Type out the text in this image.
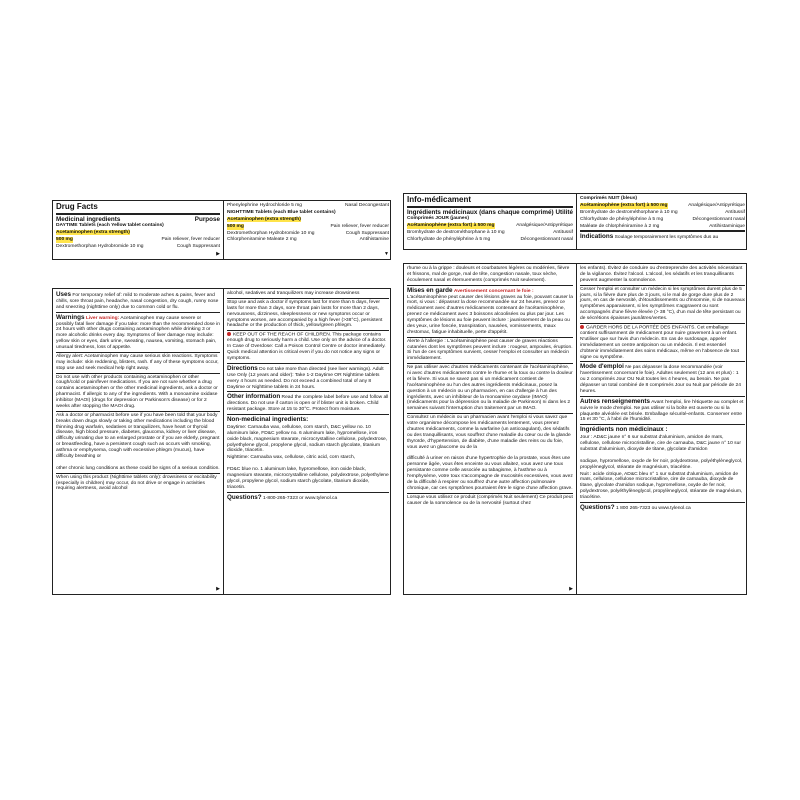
Drug Facts
Medicinal ingredients	Purpose
DAYTIME Tablets (each Yellow tablet contains)
Acetaminophen (extra strength)
500 mg	Pain reliever, fever reducer
Dextromethorphan Hydrobromide 10 mg	Cough Suppressant
▶
Phenylephrine Hydrochloride 5 mg	Nasal Decongestant
NIGHTTIME Tablets (each Blue tablet contains)
Acetaminophen (extra strength)
500 mg	Pain reliever, fever reducer
Dextromethorphan Hydrobromide 10 mg	Cough Suppressant
Chlorpheniramine Maleate 2 mg	Antihistamine
▼
Info-médicament
Ingrédients médicinaux (dans chaque comprimé) Utilité
Comprimés JOUR (jaunes)
Acétaminophène (extra fort) à 500 mg	Analgésique/Antipyrétique
Bromhydrate de dextrométhorphane à 10 mg	Antitussif
Chlorhydrate de phényléphrine à 5 mg	Décongestionnant nasal
Comprimés NUIT (bleus)
Acétaminophène (extra fort) à 500 mg	Analgésique/Antipyrétique
Bromhydrate de dextrométhorphane à 10 mg	Antitussif
Chlorhydrate de phényléphrine à 5 mg	Décongestionnant nasal
Maléate de chlorphéniramine à 2 mg	Antihistaminique
Indications Soulage temporairement les symptômes dus au
Uses For temporary relief of: mild to moderate aches & pains, fever and chills, sore throat pain, headache, nasal congestion, dry cough, runny nose and sneezing (nighttime only) due to common cold or flu.
Warnings Liver warning: Acetaminophen may cause severe or possibly fatal liver damage if you take: more than the recommended dose in 24 hours with other drugs containing acetaminophen while drinking 3 or more alcoholic drinks every day. Symptoms of liver damage may include: yellow skin or eyes, dark urine, sweating, nausea, vomiting, stomach pain, unusual tiredness, loss of appetite.
Allergy alert: Acetaminophen may cause serious skin reactions. Symptoms may include: skin reddening, blisters, rash. If any of these symptoms occur, stop use and seek medical help right away.
Do not use with other products containing acetaminophen or other cough/cold or pain/fever medications. If you are not sure whether a drug contains acetaminophen or the other medicinal ingredients, ask a doctor or pharmacist. If allergic to any of the ingredients. With a monoamine oxidase inhibitor (MAOI) (drugs for depression or Parkinson's disease) or for 2 weeks after stopping the MAOI drug.
Ask a doctor or pharmacist before use if you have been told that your body breaks down drugs slowly or taking other medications including the blood thinning drug warfarin, sedatives or tranquilizers, have heart or thyroid disease, high blood pressure, diabetes, glaucoma, kidney or liver disease, difficulty urinating due to an enlarged prostate or if you are elderly, pregnant or breastfeeding, have a persistent cough such as occurs with smoking, asthma or emphysema, cough with excessive phlegm (mucus), have difficulty breathing or
other chronic lung conditions as these could be signs of a serious condition.
When using this product (Nighttime tablets only): drowsiness or excitability (especially in children) may occur, do not drive or engage in activities requiring alertness, avoid alcohol
▶
alcohol, sedatives and tranquilizers may increase drowsiness
Stop use and ask a doctor if symptoms last for more than 5 days, fever lasts for more than 3 days, sore throat pain lasts for more than 2 days, nervousness, dizziness, sleeplessness or new symptoms occur or symptoms worsen, are accompanied by a high fever (>38°C), persistent headache or the production of thick, yellow/green phlegm.
KEEP OUT OF THE REACH OF CHILDREN. This package contains enough drug to seriously harm a child. Use only on the advice of a doctor. In Case of Overdose: Call a Poison Control Centre or doctor immediately. Quick medical attention is critical even if you do not notice any signs or symptoms.
Directions Do not take more than directed (see liver warnings). Adult Use Only (12 years and older): Take 1-2 Daytime OR Nighttime tablets every 4 hours as needed. Do not exceed a combined total of any 8 Daytime or Nighttime tablets in 24 hours.
Other information Read the complete label before use and follow all directions. Do not use if carton is open or if blister unit is broken. Child resistant package. Store at 15 to 30°C. Protect from moisture.
Non-medicinal ingredients:
Daytime: Carnauba wax, cellulose, corn starch, D&C yellow no. 10 aluminum lake, FD&C yellow no. 6 aluminum lake, hypromellose, iron oxide black, magnesium stearate, microcrystalline cellulose, polydextrose, polyethylene glycol, propylene glycol, sodium starch glycolate, titanium dioxide, triacetin.
Nighttime: Carnauba wax, cellulose, citric acid, corn starch,
FD&C blue no. 1 aluminum lake, hypromellose, iron oxide black, magnesium stearate, microcrystalline cellulose, polydextrose, polyethylene glycol, propylene glycol, sodium starch glycolate, titanium dioxide, triacetin.
Questions? 1-800-265-7323 or www.tylenol.ca
rhume ou à la grippe : douleurs et courbatures légères ou modérées, fièvre et frissons, mal de gorge, mal de tête, congestion nasale, toux sèche, écoulement nasal et éternuements (comprimés Nuit seulement).
Mises en garde Avertissement concernant le foie : L'acétaminophène peut causer des lésions graves au foie, pouvant causer la mort, si vous : dépassez la dose recommandée sur 24 heures, prenez ce médicament avec d'autres médicaments contenant de l'acétaminophène, prenez ce médicament avec 3 boissons alcoolisées ou plus par jour. Les symptômes de lésions au foie peuvent inclure : jaunissement de la peau ou des yeux, urine foncée, transpiration, nausées, vomissements, maux d'estomac, fatigue inhabituelle, perte d'appétit.
Alerte à l'allergie : L'acétaminophène peut causer de graves réactions cutanées dont les symptômes peuvent inclure : rougeur, ampoules, éruption. Si l'un de ces symptômes survient, cesser l'emploi et consulter un médecin immédiatement.
Ne pas utiliser avec d'autres médicaments contenant de l'acétaminophène, ni avec d'autres médicaments contre le rhume et la toux ou contre la douleur et la fièvre. Si vous ne savez pas si un médicament contient de l'acétaminophène ou l'un des autres ingrédients médicinaux, posez la question à un médecin ou un pharmacien, en cas d'allergie à l'un des ingrédients, avec un inhibiteur de la monoamine oxydase (IMAO) (médicaments pour la dépression ou la maladie de Parkinson) ni dans les 2 semaines suivant l'interruption d'un traitement par un IMAO.
Consultez un médecin ou un pharmacien avant l'emploi si vous savez que votre organisme décompose les médicaments lentement, vous prenez d'autres médicaments, comme la warfarine (un anticoagulant), des sédatifs ou des tranquillisants, vous souffrez d'une maladie du cœur ou de la glande thyroïde, d'hypertension, de diabète, d'une maladie des reins ou du foie, vous avez un glaucome ou de la
difficulté à uriner en raison d'une hypertrophie de la prostate, vous êtes une personne âgée, vous êtes enceinte ou vous allaitez, vous avez une toux persistante comme celle associée au tabagisme, à l'asthme ou à l'emphysème, votre toux s'accompagne de mucosités excessives, vous avez de la difficulté à respirer ou souffrez d'une autre affection pulmonaire chronique, car ces symptômes pourraient être le signe d'une affection grave.
Lorsque vous utilisez ce produit (comprimés Nuit seulement) Ce produit peut causer de la somnolence ou de la nervosité (surtout chez
▶
les enfants). Évitez de conduire ou d'entreprendre des activités nécessitant de la vigilance. Évitez l'alcool. L'alcool, les sédatifs et les tranquillisants peuvent augmenter la somnolence.
Cesser l'emploi et consulter un médecin si les symptômes durent plus de 5 jours, si la fièvre dure plus de 3 jours, si le mal de gorge dure plus de 2 jours, en cas de nervosité, d'étourdissements ou d'insomnie, si de nouveaux symptômes apparaissent, si les symptômes s'aggravent ou sont accompagnés d'une fièvre élevée (> 38 °C), d'un mal de tête persistant ou de sécrétions épaisses jaunâtres/vertes.
GARDER HORS DE LA PORTÉE DES ENFANTS. Cet emballage contient suffisamment de médicament pour nuire gravement à un enfant. N'utiliser que sur l'avis d'un médecin. En cas de surdosage, appeler immédiatement un centre antipoison ou un médecin. Il est essentiel d'obtenir immédiatement des soins médicaux, même en l'absence de tout signe ou symptôme.
Mode d'emploi Ne pas dépasser la dose recommandée (voir l'avertissement concernant le foie). Adultes seulement (12 ans et plus) : 1 ou 2 comprimés Jour OU Nuit toutes les 4 heures, au besoin. Ne pas dépasser un total combiné de 8 comprimés Jour ou Nuit par période de 24 heures.
Autres renseignements Avant l'emploi, lire l'étiquette au complet et suivre le mode d'emploi. Ne pas utiliser si la boîte est ouverte ou si la plaquette alvéolée est brisée. Emballage sécurité-enfants. Conserver entre 15 et 30 °C, à l'abri de l'humidité.
Ingrédients non médicinaux :
Jour : AD&C jaune n° 6 sur substrat d'aluminium, amidon de maïs, cellulose, cellulose microcristalline, cire de carnauba, D&C jaune n° 10 sur substrat d'aluminium, dioxyde de titane, glycolate d'amidon
sodique, hypromellose, oxyde de fer noir, polydextrose, polyéthylèneglycol, propylèneglycol, stéarate de magnésium, triacétine.
Nuit : acide citrique, AD&C bleu n° 1 sur substrat d'aluminium, amidon de maïs, cellulose, cellulose microcristalline, cire de carnauba, dioxyde de titane, glycolate d'amidon sodique, hypromellose, oxyde de fer noir, polydextrose, polyéthylèneglycol, propylèneglycol, stéarate de magnésium, triacétine.
Questions? 1 800 265-7323 ou www.tylenol.ca
